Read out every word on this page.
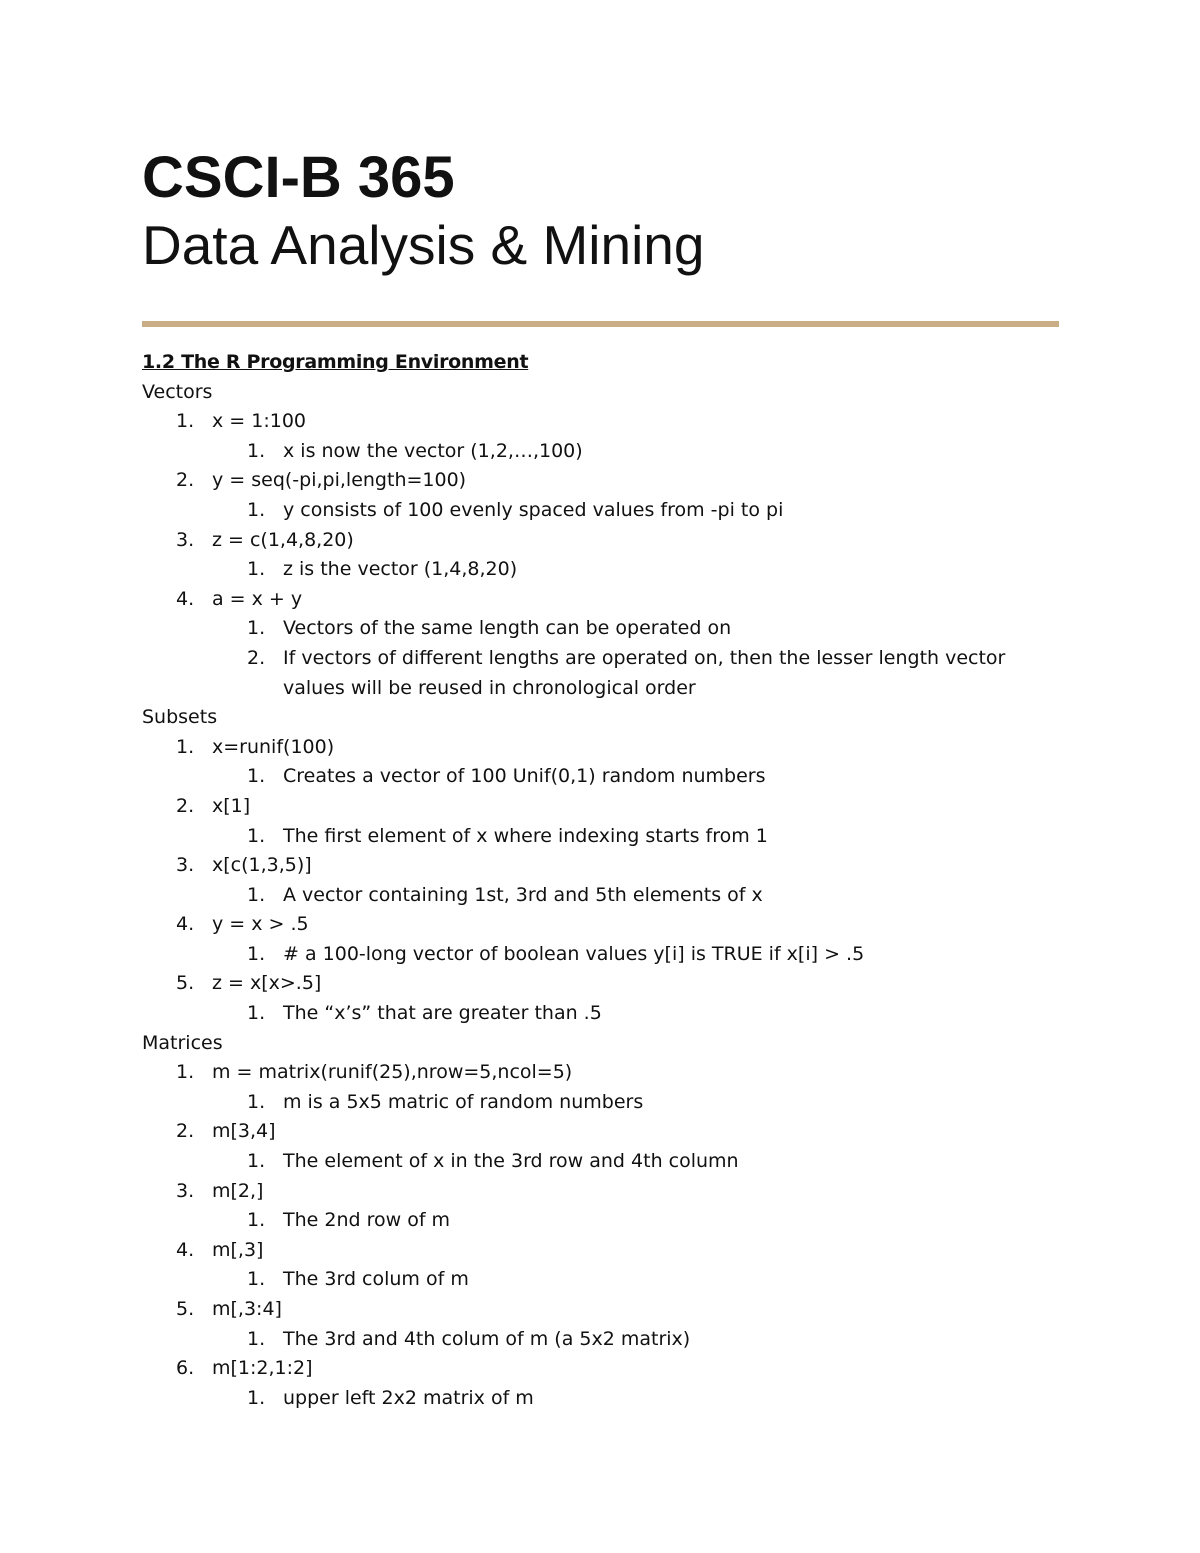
CSCI-B 365
Data Analysis & Mining
1.2 The R Programming Environment
Vectors
1. x = 1:100
1. x is now the vector (1,2,…,100)
2. y = seq(-pi,pi,length=100)
1. y consists of 100 evenly spaced values from -pi to pi
3. z = c(1,4,8,20)
1. z is the vector (1,4,8,20)
4. a = x + y
1. Vectors of the same length can be operated on
2. If vectors of different lengths are operated on, then the lesser length vector values will be reused in chronological order
Subsets
1. x=runif(100)
1. Creates a vector of 100 Unif(0,1) random numbers
2. x[1]
1. The first element of x where indexing starts from 1
3. x[c(1,3,5)]
1. A vector containing 1st, 3rd and 5th elements of x
4. y = x > .5
1. # a 100-long vector of boolean values y[i] is TRUE if x[i] > .5
5. z = x[x>.5]
1. The “x’s” that are greater than .5
Matrices
1. m = matrix(runif(25),nrow=5,ncol=5)
1. m is a 5x5 matric of random numbers
2. m[3,4]
1. The element of x in the 3rd row and 4th column
3. m[2,]
1. The 2nd row of m
4. m[,3]
1. The 3rd colum of m
5. m[,3:4]
1. The 3rd and 4th colum of m (a 5x2 matrix)
6. m[1:2,1:2]
1. upper left 2x2 matrix of m
